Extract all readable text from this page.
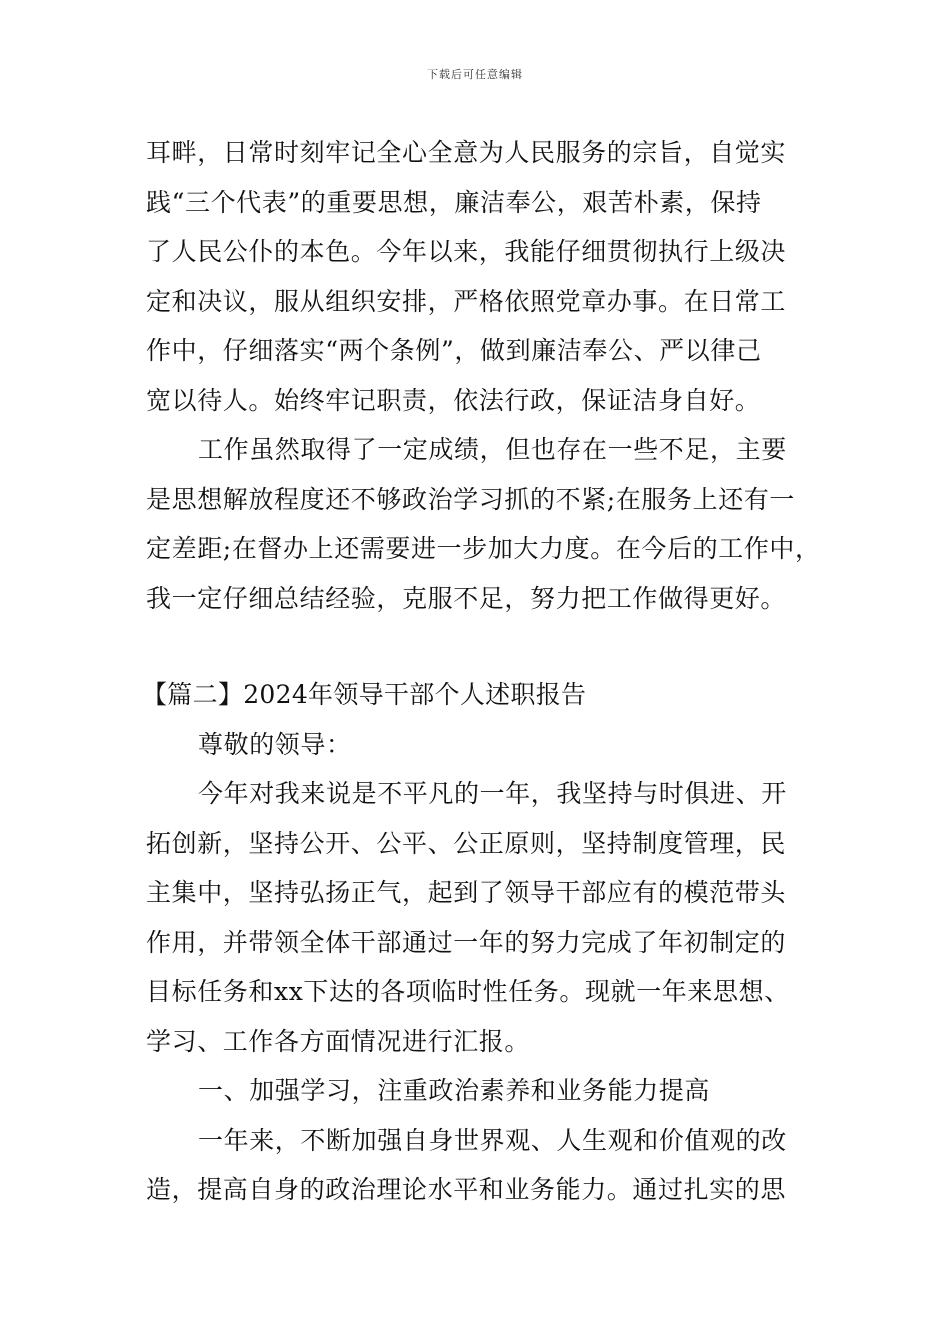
下载后可任意编辑
耳畔，日常时刻牢记全心全意为人民服务的宗旨，自觉实
践“三个代表”的重要思想，廉洁奉公，艰苦朴素，保持
了人民公仆的本色。今年以来，我能仔细贯彻执行上级决
定和决议，服从组织安排，严格依照党章办事。在日常工
作中，仔细落实“两个条例”，做到廉洁奉公、严以律己
宽以待人。始终牢记职责，依法行政，保证洁身自好。
工作虽然取得了一定成绩，但也存在一些不足，主要
是思想解放程度还不够政治学习抓的不紧;在服务上还有一
定差距;在督办上还需要进一步加大力度。在今后的工作中，
我一定仔细总结经验，克服不足，努力把工作做得更好。
【篇二】2024年领导干部个人述职报告
尊敬的领导：
今年对我来说是不平凡的一年，我坚持与时俱进、开
拓创新，坚持公开、公平、公正原则，坚持制度管理，民
主集中，坚持弘扬正气，起到了领导干部应有的模范带头
作用，并带领全体干部通过一年的努力完成了年初制定的
目标任务和xx下达的各项临时性任务。现就一年来思想、
学习、工作各方面情况进行汇报。
一、加强学习，注重政治素养和业务能力提高
一年来，不断加强自身世界观、人生观和价值观的改
造，提高自身的政治理论水平和业务能力。通过扎实的思
